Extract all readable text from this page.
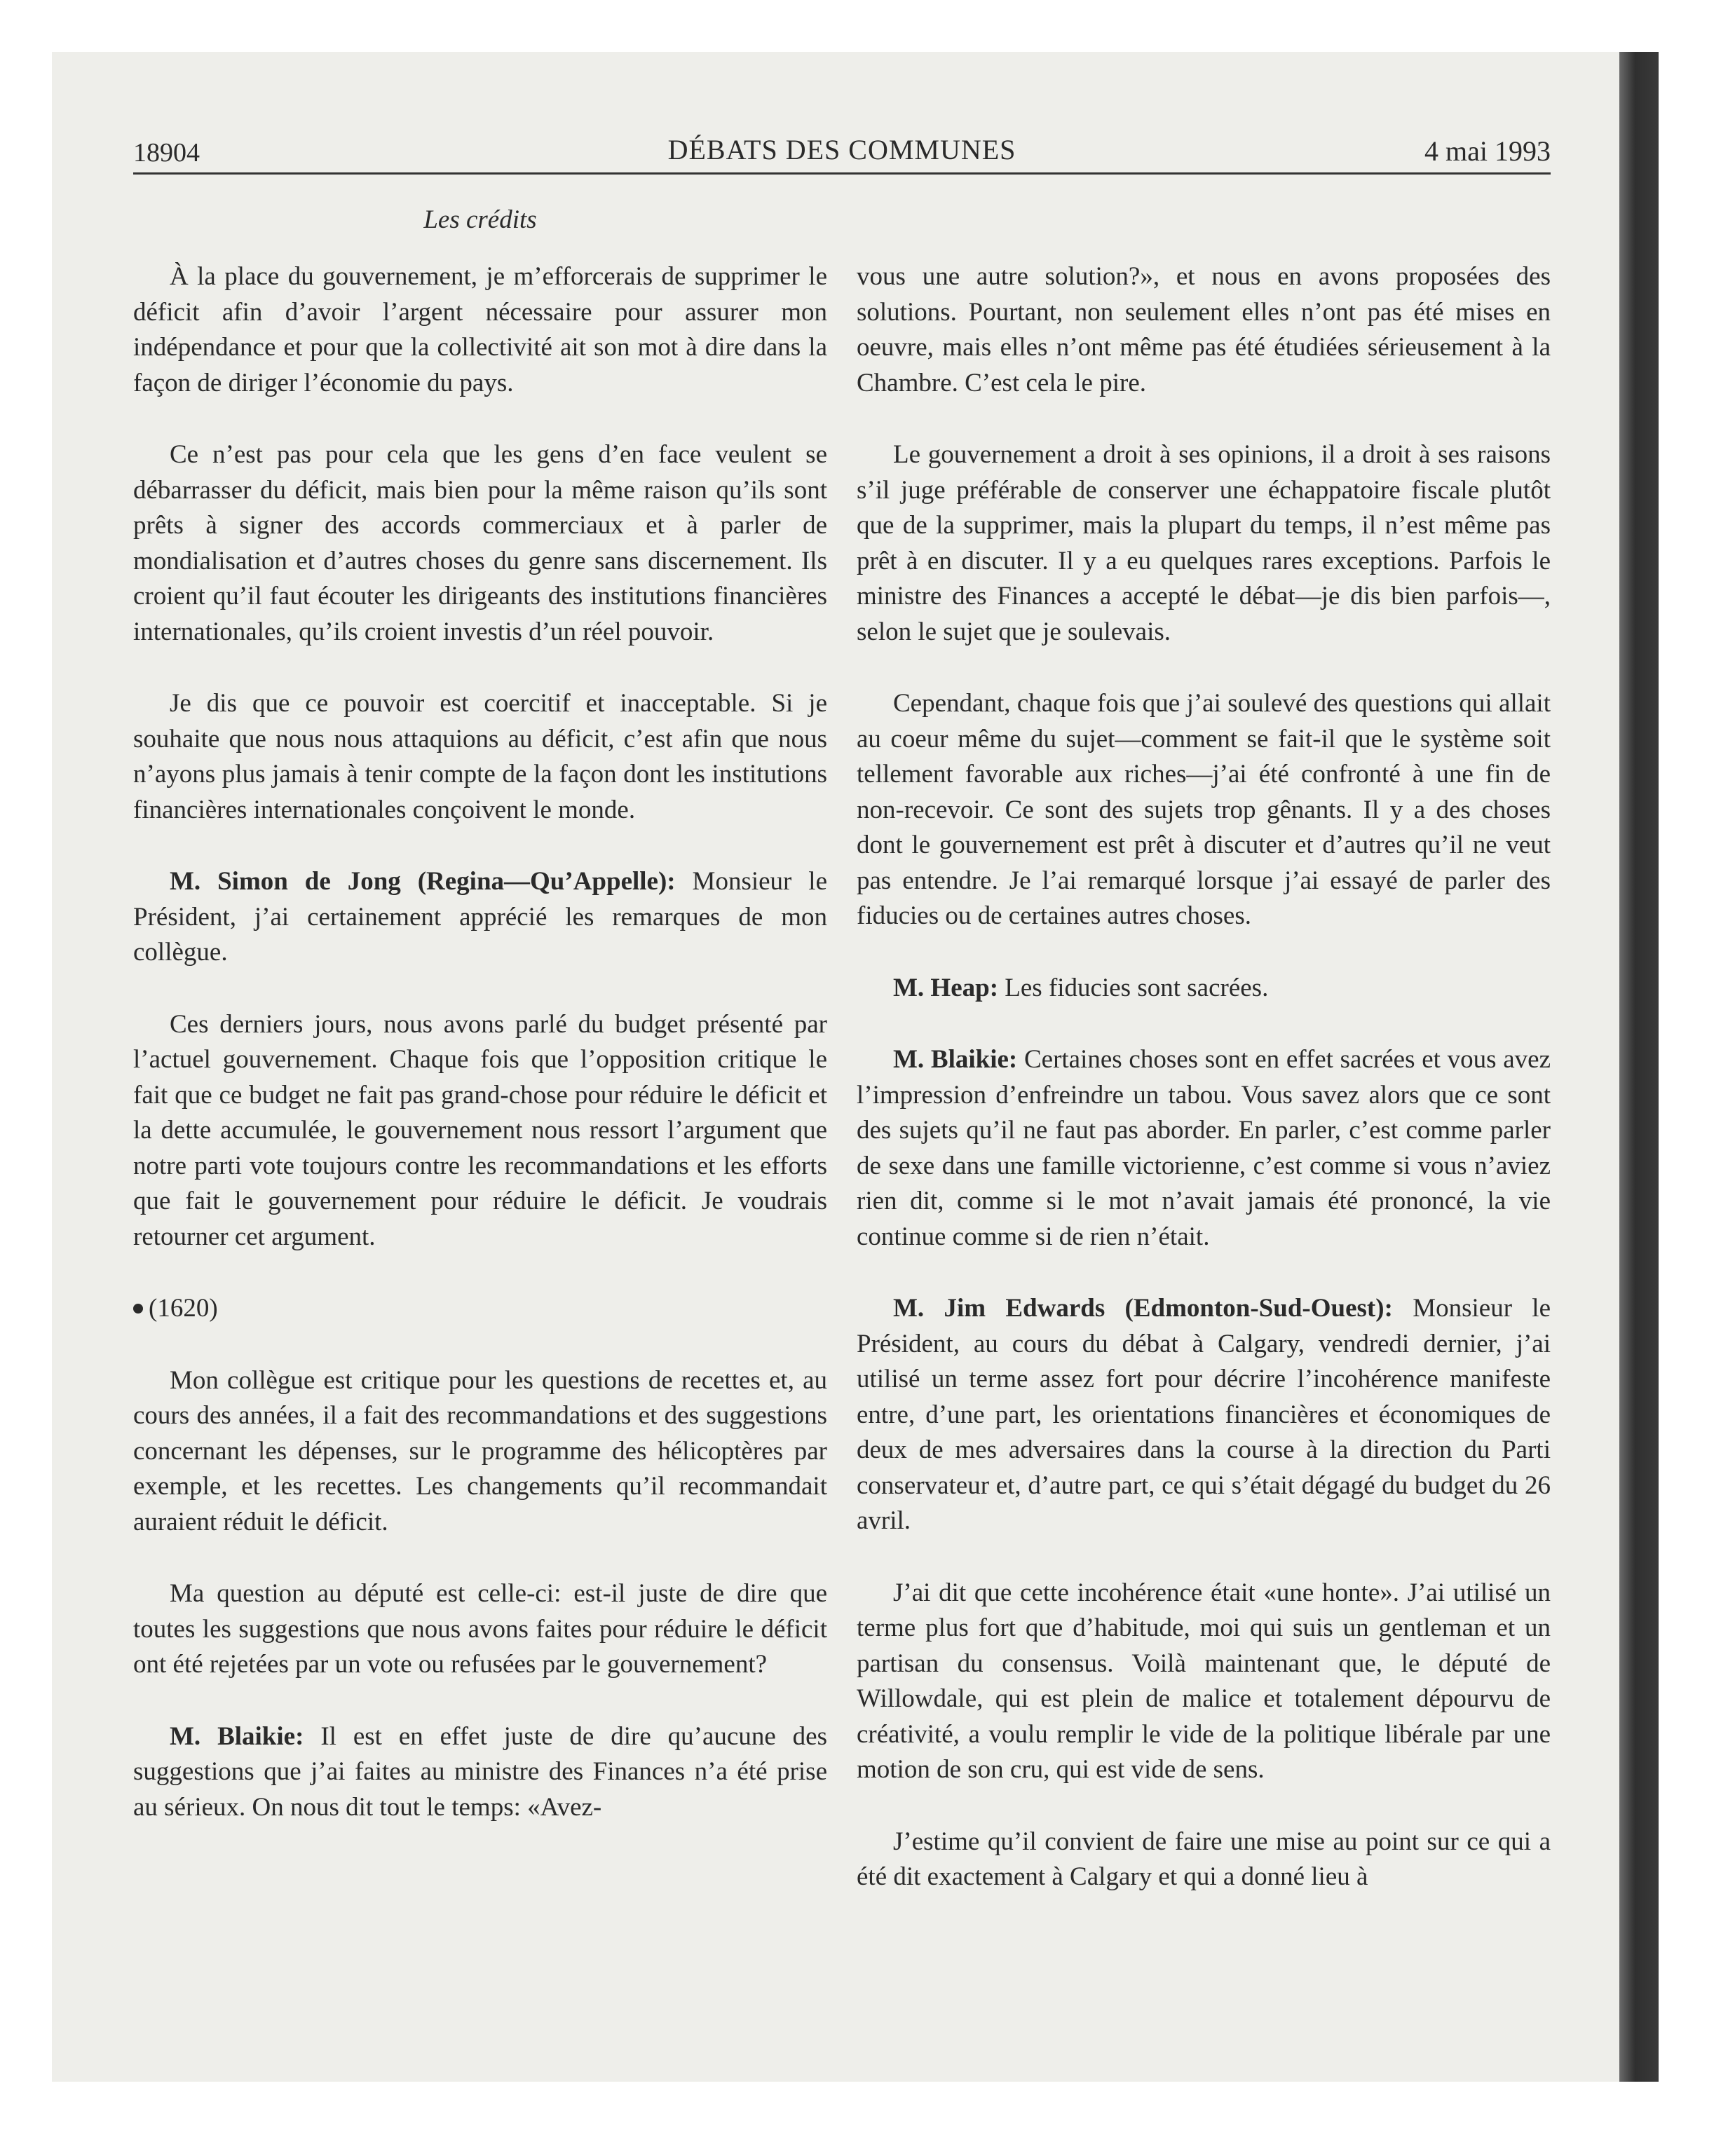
18904	DÉBATS DES COMMUNES	4 mai 1993
Les crédits

À la place du gouvernement, je m’efforcerais de supprimer le déficit afin d’avoir l’argent nécessaire pour assurer mon indépendance et pour que la collectivité ait son mot à dire dans la façon de diriger l’économie du pays.

Ce n’est pas pour cela que les gens d’en face veulent se débarrasser du déficit, mais bien pour la même raison qu’ils sont prêts à signer des accords commerciaux et à parler de mondialisation et d’autres choses du genre sans discernement. Ils croient qu’il faut écouter les dirigeants des institutions financières internationales, qu’ils croient investis d’un réel pouvoir.

Je dis que ce pouvoir est coercitif et inacceptable. Si je souhaite que nous nous attaquions au déficit, c’est afin que nous n’ayons plus jamais à tenir compte de la façon dont les institutions financières internationales conçoivent le monde.

M. Simon de Jong (Regina—Qu’Appelle): Monsieur le Président, j’ai certainement apprécié les remarques de mon collègue.

Ces derniers jours, nous avons parlé du budget présenté par l’actuel gouvernement. Chaque fois que l’opposition critique le fait que ce budget ne fait pas grand-chose pour réduire le déficit et la dette accumulée, le gouvernement nous ressort l’argument que notre parti vote toujours contre les recommandations et les efforts que fait le gouvernement pour réduire le déficit. Je voudrais retourner cet argument.

(1620)

Mon collègue est critique pour les questions de recettes et, au cours des années, il a fait des recommandations et des suggestions concernant les dépenses, sur le programme des hélicoptères par exemple, et les recettes. Les changements qu’il recommandait auraient réduit le déficit.

Ma question au député est celle-ci: est-il juste de dire que toutes les suggestions que nous avons faites pour réduire le déficit ont été rejetées par un vote ou refusées par le gouvernement?

M. Blaikie: Il est en effet juste de dire qu’aucune des suggestions que j’ai faites au ministre des Finances n’a été prise au sérieux. On nous dit tout le temps: «Avez-

vous une autre solution?», et nous en avons proposées des solutions. Pourtant, non seulement elles n’ont pas été mises en oeuvre, mais elles n’ont même pas été étudiées sérieusement à la Chambre. C’est cela le pire.

Le gouvernement a droit à ses opinions, il a droit à ses raisons s’il juge préférable de conserver une échappatoire fiscale plutôt que de la supprimer, mais la plupart du temps, il n’est même pas prêt à en discuter. Il y a eu quelques rares exceptions. Parfois le ministre des Finances a accepté le débat—je dis bien parfois—, selon le sujet que je soulevais.

Cependant, chaque fois que j’ai soulevé des questions qui allait au coeur même du sujet—comment se fait-il que le système soit tellement favorable aux riches—j’ai été confronté à une fin de non-recevoir. Ce sont des sujets trop gênants. Il y a des choses dont le gouvernement est prêt à discuter et d’autres qu’il ne veut pas entendre. Je l’ai remarqué lorsque j’ai essayé de parler des fiducies ou de certaines autres choses.

M. Heap: Les fiducies sont sacrées.

M. Blaikie: Certaines choses sont en effet sacrées et vous avez l’impression d’enfreindre un tabou. Vous savez alors que ce sont des sujets qu’il ne faut pas aborder. En parler, c’est comme parler de sexe dans une famille victorienne, c’est comme si vous n’aviez rien dit, comme si le mot n’avait jamais été prononcé, la vie continue comme si de rien n’était.

M. Jim Edwards (Edmonton-Sud-Ouest): Monsieur le Président, au cours du débat à Calgary, vendredi dernier, j’ai utilisé un terme assez fort pour décrire l’incohérence manifeste entre, d’une part, les orientations financières et économiques de deux de mes adversaires dans la course à la direction du Parti conservateur et, d’autre part, ce qui s’était dégagé du budget du 26 avril.

J’ai dit que cette incohérence était «une honte». J’ai utilisé un terme plus fort que d’habitude, moi qui suis un gentleman et un partisan du consensus. Voilà maintenant que, le député de Willowdale, qui est plein de malice et totalement dépourvu de créativité, a voulu remplir le vide de la politique libérale par une motion de son cru, qui est vide de sens.

J’estime qu’il convient de faire une mise au point sur ce qui a été dit exactement à Calgary et qui a donné lieu à
